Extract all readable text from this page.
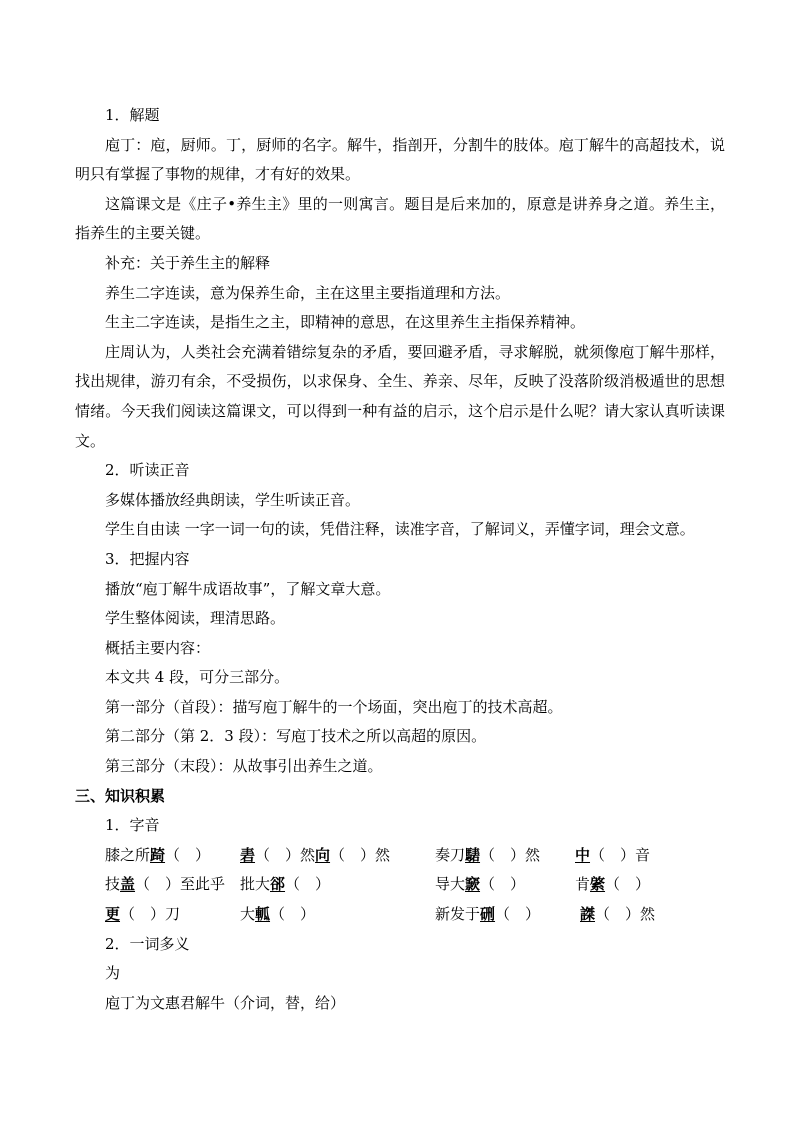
1．解题

庖丁：庖，厨师。丁，厨师的名字。解牛，指剖开，分割牛的肢体。庖丁解牛的高超技术，说明只有掌握了事物的规律，才有好的效果。

这篇课文是《庄子•养生主》里的一则寓言。题目是后来加的，原意是讲养身之道。养生主，指养生的主要关键。

补充：关于养生主的解释

养生二字连读，意为保养生命，主在这里主要指道理和方法。

生主二字连读，是指生之主，即精神的意思，在这里养生主指保养精神。

庄周认为，人类社会充满着错综复杂的矛盾，要回避矛盾，寻求解脱，就须像庖丁解牛那样，找出规律，游刃有余，不受损伤，以求保身、全生、养亲、尽年，反映了没落阶级消极遁世的思想情绪。今天我们阅读这篇课文，可以得到一种有益的启示，这个启示是什么呢？请大家认真听读课文。

2．听读正音

多媒体播放经典朗读，学生听读正音。

学生自由读 一字一词一句的读，凭借注释，读准字音，了解词义，弄懂字词，理会文意。

3．把握内容

播放“庖丁解牛成语故事”，了解文章大意。

学生整体阅读，理清思路。

概括主要内容：

本文共 4 段，可分三部分。

第一部分（首段）：描写庖丁解牛的一个场面，突出庖丁的技术高超。

第二部分（第 2．3 段）：写庖丁技术之所以高超的原因。

第三部分（末段）：从故事引出养生之道。

三、知识积累

1．字音

膝之所踦（　） 砉（　）然向（　）然	奏刀騞（　）然 中（　）音
技盖（　）至此乎 批大郤（　）	导大窾（　）	肯綮（　）
更（　）刀	大軱（　）	新发于硎（　）	謋（　）然

2．一词多义

为

庖丁为文惠君解牛（介词，替，给）
